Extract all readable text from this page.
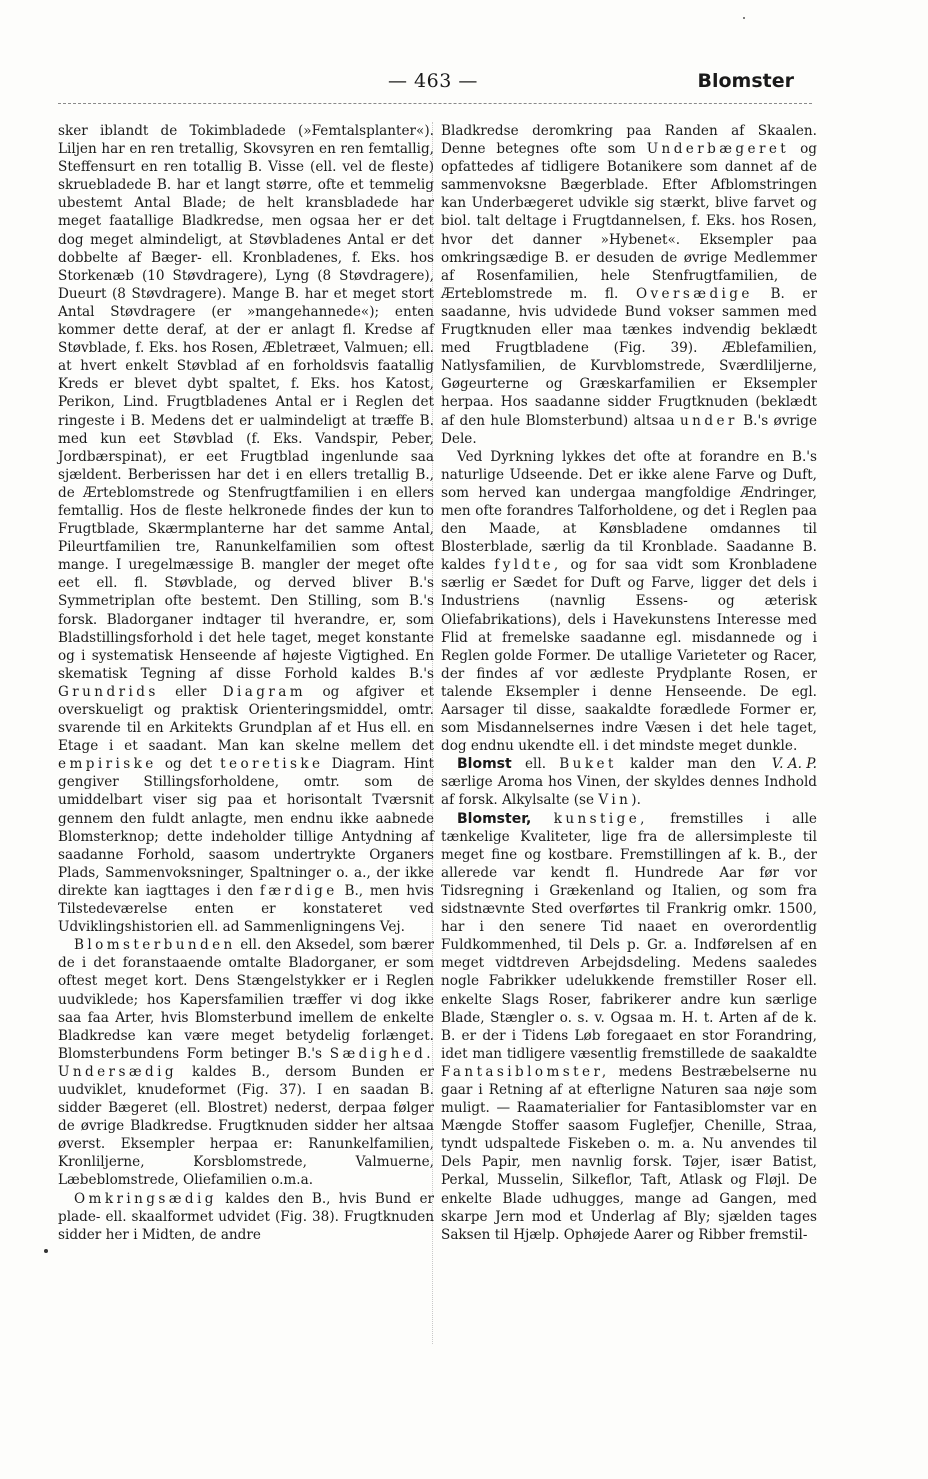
— 463 —	Blomster

sker iblandt de Tokimbladede (»Femtalsplanter«). Liljen har en ren tretallig, Skovsyren en ren femtallig, Steffensurt en ren totallig B. Visse (ell. vel de fleste) skruebladede B. har et langt større, ofte et temmelig ubestemt Antal Blade; de helt kransbladede har meget faatallige Bladkredse, men ogsaa her er det dog meget almindeligt, at Støvbladenes Antal er det dobbelte af Bæger- ell. Kronbladenes, f. Eks. hos Storkenæb (10 Støvdragere), Lyng (8 Støvdragere), Dueurt (8 Støvdragere). Mange B. har et meget stort Antal Støvdragere (er »mangehannede«); enten kommer dette deraf, at der er anlagt fl. Kredse af Støvblade, f. Eks. hos Rosen, Æbletræet, Valmuen; ell. at hvert enkelt Støvblad af en forholdsvis faatallig Kreds er blevet dybt spaltet, f. Eks. hos Katost, Perikon, Lind. Frugtbladenes Antal er i Reglen det ringeste i B. Medens det er ualmindeligt at træffe B. med kun eet Støvblad (f. Eks. Vandspir, Peber, Jordbærspinat), er eet Frugtblad ingenlunde saa sjældent. Berberissen har det i en ellers tretallig B., de Ærteblomstrede og Stenfrugtfamilien i en ellers femtallig. Hos de fleste helkronede findes der kun to Frugtblade, Skærmplanterne har det samme Antal, Pileurtfamilien tre, Ranunkelfamilien som oftest mange. I uregelmæssige B. mangler der meget ofte eet ell. fl. Støvblade, og derved bliver B.'s Symmetriplan ofte bestemt. Den Stilling, som B.'s forsk. Bladorganer indtager til hverandre, er, som Bladstillingsforhold i det hele taget, meget konstante og i systematisk Henseende af højeste Vigtighed. En skematisk Tegning af disse Forhold kaldes B.'s Grundrids eller Diagram og afgiver et overskueligt og praktisk Orienteringsmiddel, omtr. svarende til en Arkitekts Grundplan af et Hus ell. en Etage i et saadant. Man kan skelne mellem det empiriske og det teoretiske Diagram. Hint gengiver Stillingsforholdene, omtr. som de umiddelbart viser sig paa et horisontalt Tværsnit gennem den fuldt anlagte, men endnu ikke aabnede Blomsterknop; dette indeholder tillige Antydning af saadanne Forhold, saasom undertrykte Organers Plads, Sammenvoksninger, Spaltninger o. a., der ikke direkte kan iagttages i den færdige B., men hvis Tilstedeværelse enten er konstateret ved Udviklingshistorien ell. ad Sammenligningens Vej.

Blomsterbunden ell. den Aksedel, som bærer de i det foranstaaende omtalte Bladorganer, er som oftest meget kort. Dens Stængelstykker er i Reglen uudviklede; hos Kapersfamilien træffer vi dog ikke saa faa Arter, hvis Blomsterbund imellem de enkelte Bladkredse kan være meget betydelig forlænget. Blomsterbundens Form betinger B.'s Sædighed. Undersædig kaldes B., dersom Bunden er uudviklet, knudeformet (Fig. 37). I en saadan B. sidder Bægeret (ell. Blostret) nederst, derpaa følger de øvrige Bladkredse. Frugtknuden sidder her altsaa øverst. Eksempler herpaa er: Ranunkelfamilien, Kronliljerne, Korsblomstrede, Valmuerne, Læbeblomstrede, Oliefamilien o.m.a.

Omkringsædig kaldes den B., hvis Bund er plade- ell. skaalformet udvidet (Fig. 38). Frugtknuden sidder her i Midten, de andre

Bladkredse deromkring paa Randen af Skaalen. Denne betegnes ofte som Underbægeret og opfattedes af tidligere Botanikere som dannet af de sammenvoksne Bægerblade. Efter Afblomstringen kan Underbægeret udvikle sig stærkt, blive farvet og biol. talt deltage i Frugtdannelsen, f. Eks. hos Rosen, hvor det danner »Hybenet«. Eksempler paa omkringsædige B. er desuden de øvrige Medlemmer af Rosenfamilien, hele Stenfrugtfamilien, de Ærteblomstrede m. fl. Oversædige B. er saadanne, hvis udvidede Bund vokser sammen med Frugtknuden eller maa tænkes indvendig beklædt med Frugtbladene (Fig. 39). Æblefamilien, Natlysfamilien, de Kurvblomstrede, Sværdliljerne, Gøgeurterne og Græskarfamilien er Eksempler herpaa. Hos saadanne sidder Frugtknuden (beklædt af den hule Blomsterbund) altsaa under B.'s øvrige Dele.

Ved Dyrkning lykkes det ofte at forandre en B.'s naturlige Udseende. Det er ikke alene Farve og Duft, som herved kan undergaa mangfoldige Ændringer, men ofte forandres Talforholdene, og det i Reglen paa den Maade, at Kønsbladene omdannes til Blosterblade, særlig da til Kronblade. Saadanne B. kaldes fyldte, og for saa vidt som Kronbladene særlig er Sædet for Duft og Farve, ligger det dels i Industriens (navnlig Essens- og æterisk Oliefabrikations), dels i Havekunstens Interesse med Flid at fremelske saadanne egl. misdannede og i Reglen golde Former. De utallige Varieteter og Racer, der findes af vor ædleste Prydplante Rosen, er talende Eksempler i denne Henseende. De egl. Aarsager til disse, saakaldte forædlede Former er, som Misdannelsernes indre Væsen i det hele taget, dog endnu ukendte ell. i det mindste meget dunkle.
V. A. P.

Blomst ell. Buket kalder man den særlige Aroma hos Vinen, der skyldes dennes Indhold af forsk. Alkylsalte (se Vin).

Blomster, kunstige, fremstilles i alle tænkelige Kvaliteter, lige fra de allersimpleste til meget fine og kostbare. Fremstillingen af k. B., der allerede var kendt fl. Hundrede Aar før vor Tidsregning i Grækenland og Italien, og som fra sidstnævnte Sted overførtes til Frankrig omkr. 1500, har i den senere Tid naaet en overordentlig Fuldkommenhed, til Dels p. Gr. a. Indførelsen af en meget vidtdreven Arbejdsdeling. Medens saaledes nogle Fabrikker udelukkende fremstiller Roser ell. enkelte Slags Roser, fabrikerer andre kun særlige Blade, Stængler o. s. v. Ogsaa m. H. t. Arten af de k. B. er der i Tidens Løb foregaaet en stor Forandring, idet man tidligere væsentlig fremstillede de saakaldte Fantasiblomster, medens Bestræbelserne nu gaar i Retning af at efterligne Naturen saa nøje som muligt. — Raamaterialier for Fantasiblomster var en Mængde Stoffer saasom Fuglefjer, Chenille, Straa, tyndt udspaltede Fiskeben o. m. a. Nu anvendes til Dels Papir, men navnlig forsk. Tøjer, især Batist, Perkal, Musselin, Silkeflor, Taft, Atlask og Fløjl. De enkelte Blade udhugges, mange ad Gangen, med skarpe Jern mod et Underlag af Bly; sjælden tages Saksen til Hjælp. Ophøjede Aarer og Ribber fremstil-
